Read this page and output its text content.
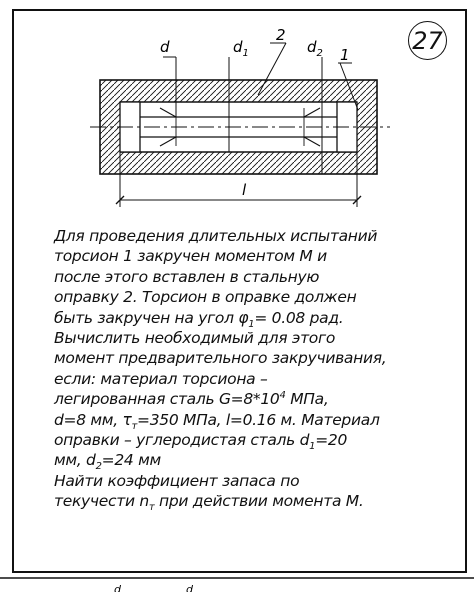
27
d	$d_1$	$d_2$
2
1
l
Для проведения длительных испытаний
торсион 1 закручен моментом М и
после этого вставлен в стальную
оправку 2. Торсион в оправке должен
быть закручен на угол $\varphi_1= 0.08$ рад.
Вычислить необходимый для этого
момент предварительного закручивания,
если: материал торсиона –
легированная сталь $G=8*10^4$ МПа,
d=8 мм, $\tau_т=350$ МПа, l=0.16 м. Материал
оправки – углеродистая сталь $d_1=20$
мм, $d_2=24$ мм
Найти коэффициент запаса по
текучести $n_т$ при действии момента М.
d	d
